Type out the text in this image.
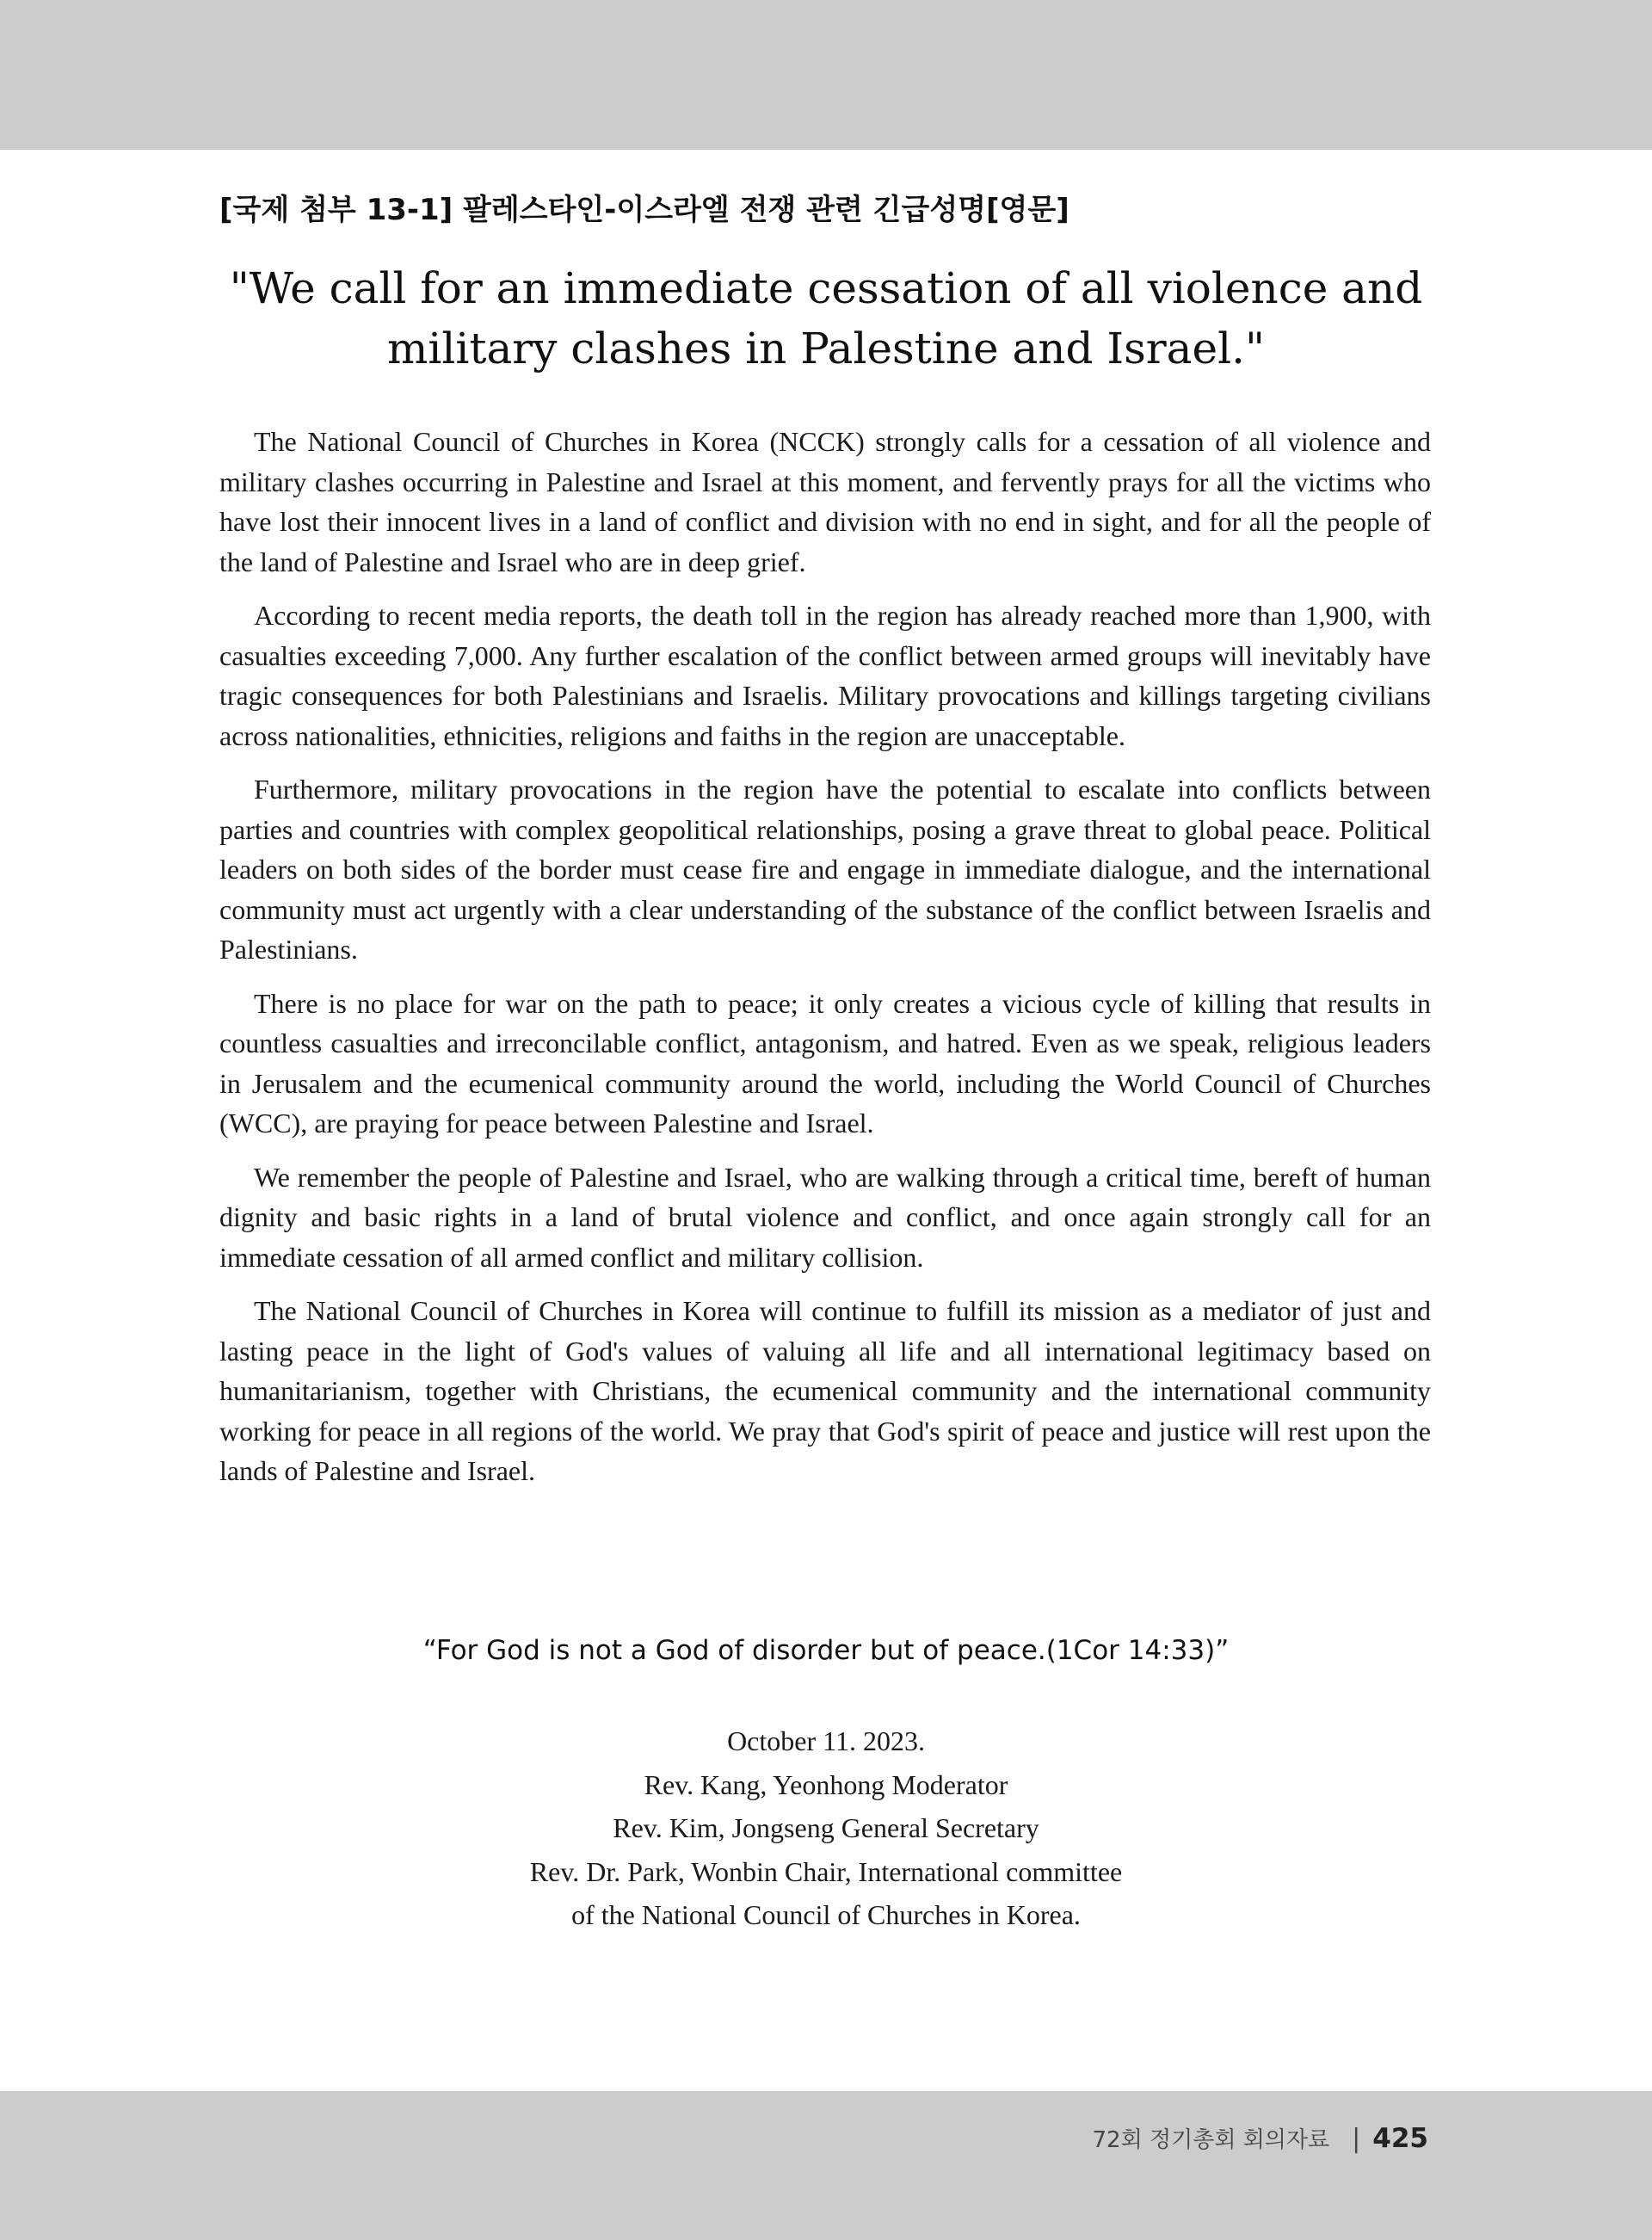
[국제 첨부 13-1] 팔레스타인-이스라엘 전쟁 관련 긴급성명[영문]
"We call for an immediate cessation of all violence and
military clashes in Palestine and Israel."

The National Council of Churches in Korea (NCCK) strongly calls for a cessation of all violence and military clashes occurring in Palestine and Israel at this moment, and fervently prays for all the victims who have lost their innocent lives in a land of conflict and division with no end in sight, and for all the people of the land of Palestine and Israel who are in deep grief.

According to recent media reports, the death toll in the region has already reached more than 1,900, with casualties exceeding 7,000. Any further escalation of the conflict between armed groups will inevitably have tragic consequences for both Palestinians and Israelis. Military provocations and killings targeting civilians across nationalities, ethnicities, religions and faiths in the region are unacceptable.

Furthermore, military provocations in the region have the potential to escalate into conflicts between parties and countries with complex geopolitical relationships, posing a grave threat to global peace. Political leaders on both sides of the border must cease fire and engage in immediate dialogue, and the international community must act urgently with a clear understanding of the substance of the conflict between Israelis and Palestinians.

There is no place for war on the path to peace; it only creates a vicious cycle of killing that results in countless casualties and irreconcilable conflict, antagonism, and hatred. Even as we speak, religious leaders in Jerusalem and the ecumenical community around the world, including the World Council of Churches (WCC), are praying for peace between Palestine and Israel.

We remember the people of Palestine and Israel, who are walking through a critical time, bereft of human dignity and basic rights in a land of brutal violence and conflict, and once again strongly call for an immediate cessation of all armed conflict and military collision.

The National Council of Churches in Korea will continue to fulfill its mission as a mediator of just and lasting peace in the light of God's values of valuing all life and all international legitimacy based on humanitarianism, together with Christians, the ecumenical community and the international community working for peace in all regions of the world. We pray that God's spirit of peace and justice will rest upon the lands of Palestine and Israel.

“For God is not a God of disorder but of peace.(1Cor 14:33)”
October 11. 2023.
Rev. Kang, Yeonhong Moderator
Rev. Kim, Jongseng General Secretary
Rev. Dr. Park, Wonbin Chair, International committee
of the National Council of Churches in Korea.
72회 정기총회 회의자료 | 425
